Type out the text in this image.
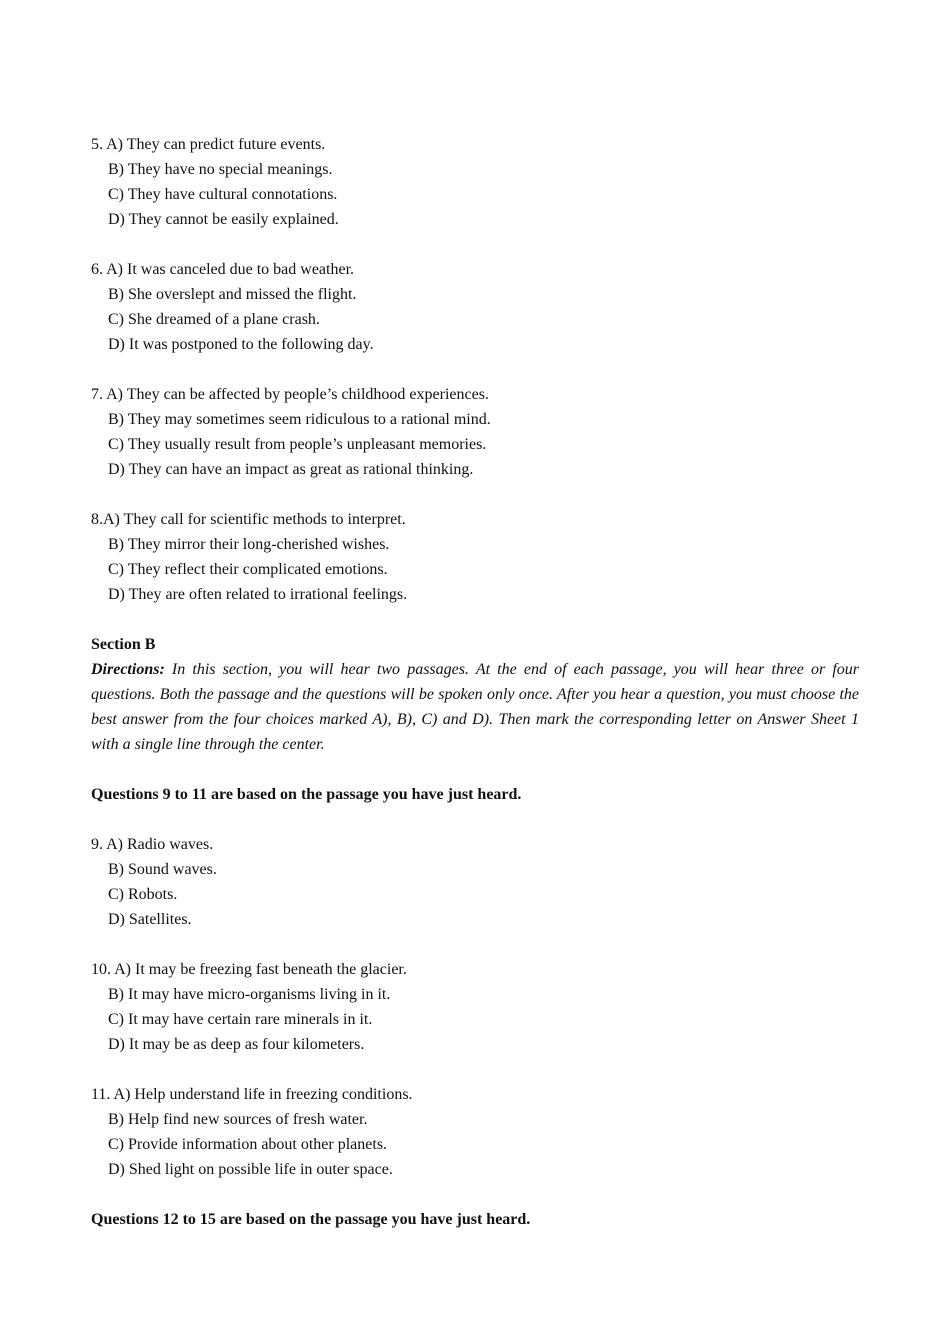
5. A) They can predict future events.
B) They have no special meanings.
C) They have cultural connotations.
D) They cannot be easily explained.
6. A) It was canceled due to bad weather.
B) She overslept and missed the flight.
C) She dreamed of a plane crash.
D) It was postponed to the following day.
7. A) They can be affected by people’s childhood experiences.
B) They may sometimes seem ridiculous to a rational mind.
C) They usually result from people’s unpleasant memories.
D) They can have an impact as great as rational thinking.
8.A) They call for scientific methods to interpret.
B) They mirror their long-cherished wishes.
C) They reflect their complicated emotions.
D) They are often related to irrational feelings.
Section B
Directions: In this section, you will hear two passages. At the end of each passage, you will hear three or four questions. Both the passage and the questions will be spoken only once. After you hear a question, you must choose the best answer from the four choices marked A), B), C) and D). Then mark the corresponding letter on Answer Sheet 1 with a single line through the center.
Questions 9 to 11 are based on the passage you have just heard.
9. A) Radio waves.
B) Sound waves.
C) Robots.
D) Satellites.
10. A) It may be freezing fast beneath the glacier.
B) It may have micro-organisms living in it.
C) It may have certain rare minerals in it.
D) It may be as deep as four kilometers.
11. A) Help understand life in freezing conditions.
B) Help find new sources of fresh water.
C) Provide information about other planets.
D) Shed light on possible life in outer space.
Questions 12 to 15 are based on the passage you have just heard.
